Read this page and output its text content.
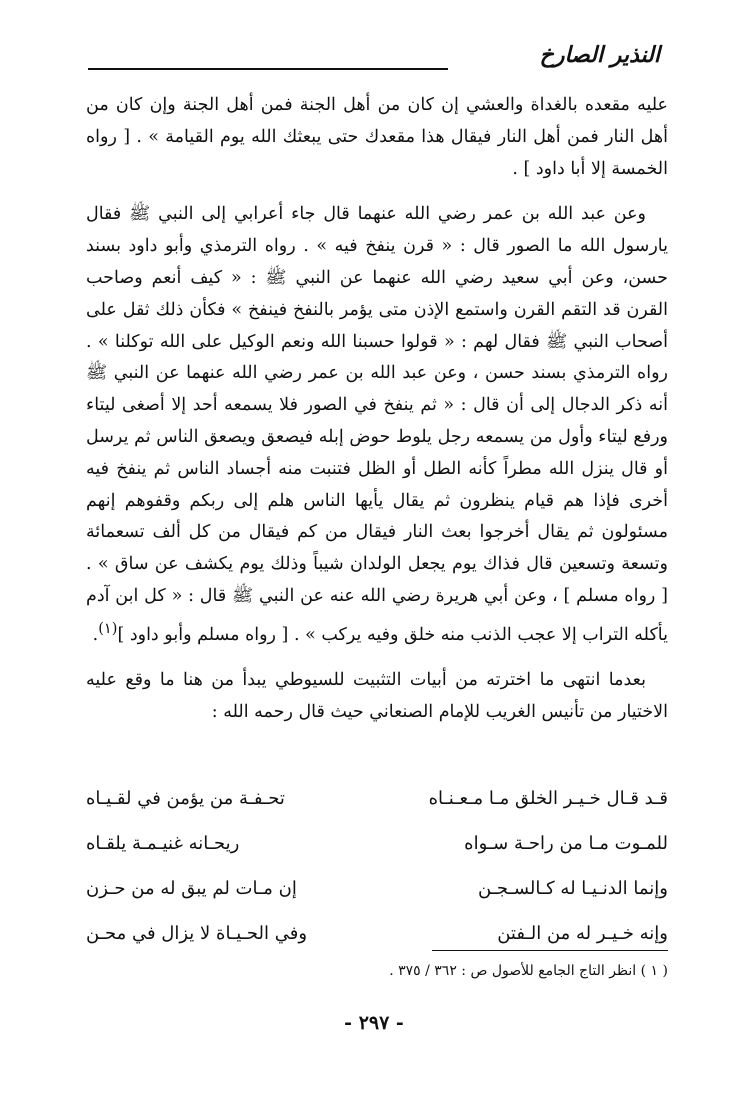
النذير الصارخ

عليه مقعده بالغداة والعشي إن كان من أهل الجنة فمن أهل الجنة وإن كان من أهل النار فمن أهل النار فيقال هذا مقعدك حتى يبعثك الله يوم القيامة » . [ رواه الخمسة إلا أبا داود ] .

وعن عبد الله بن عمر رضي الله عنهما قال جاء أعرابي إلى النبي ﷺ فقال يارسول الله ما الصور قال : « قرن ينفخ فيه » . رواه الترمذي وأبو داود بسند حسن، وعن أبي سعيد رضي الله عنهما عن النبي ﷺ : « كيف أنعم وصاحب القرن قد التقم القرن واستمع الإذن متى يؤمر بالنفخ فينفخ » فكأن ذلك ثقل على أصحاب النبي ﷺ فقال لهم : « قولوا حسبنا الله ونعم الوكيل على الله توكلنا » . رواه الترمذي بسند حسن ، وعن عبد الله بن عمر رضي الله عنهما عن النبي ﷺ أنه ذكر الدجال إلى أن قال : « ثم ينفخ في الصور فلا يسمعه أحد إلا أصغى ليتاء ورفع ليتاء وأول من يسمعه رجل يلوط حوض إبله فيصعق ويصعق الناس ثم يرسل أو قال ينزل الله مطراً كأنه الطل أو الظل فتنبت منه أجساد الناس ثم ينفخ فيه أخرى فإذا هم قيام ينظرون ثم يقال يأيها الناس هلم إلى ربكم وقفوهم إنهم مسئولون ثم يقال أخرجوا بعث النار فيقال من كم فيقال من كل ألف تسعمائة وتسعة وتسعين قال فذاك يوم يجعل الولدان شيباً وذلك يوم يكشف عن ساق » . [ رواه مسلم ] ، وعن أبي هريرة رضي الله عنه عن النبي ﷺ قال : « كل ابن آدم يأكله التراب إلا عجب الذنب منه خلق وفيه يركب » . [ رواه مسلم وأبو داود ]$^{(١)}$.

بعدما انتهى ما اخترته من أبيات التثبيت للسيوطي يبدأ من هنا ما وقع عليه الاختيار من تأنيس الغريب للإمام الصنعاني حيث قال رحمه الله :

قـد قـال خـيـر الخلق مـا مـعـنـاه
تحـفـة من يؤمن في لقـيـاه
للمـوت مـا من راحـة سـواه
ريحـانه غنيـمـة يلقـاه
وإنما الدنـيـا له كـالسـجـن
إن مـات لم يبق له من حـزن
وإنه خـيـر له من الـفتن
وفي الحـيـاة لا يزال في محـن
( ١ ) انظر التاج الجامع للأصول ص : ٣٦٢ / ٣٧٥ .
- ٢٩٧ -
